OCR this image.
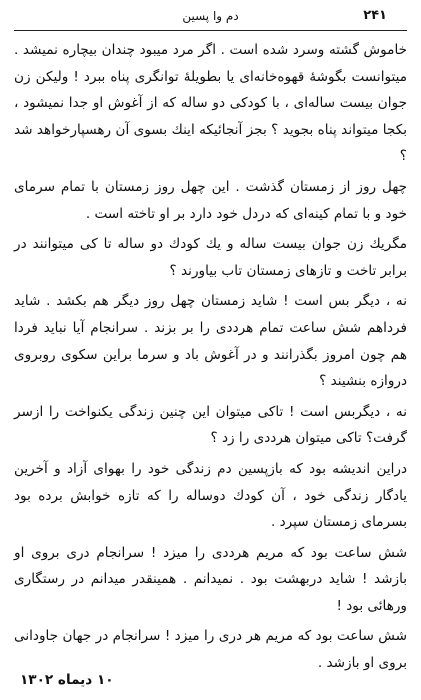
۲۴۱
دم وا پسین

خاموش گشته وسرد شده است . اگر مرد میبود چندان بیچاره نمیشد . میتوانست بگوشهٔ قهوه‌خانه‌ای یا بطویلهٔ توانگری پناه ببرد ! ولیکن زن جوان بیست ساله‌ای ، با کودکی دو ساله که از آغوش او جدا نمیشود ، بکجا میتواند پناه بجوید ؟ بجز آنجائیکه اینك بسوی آن رهسپارخواهد شد ؟

چهل روز از زمستان گذشت . این چهل روز زمستان با تمام سرمای خود و با تمام کینه‌ای که دردل خود دارد بر او تاخته است .

مگریك زن جوان بیست ساله و یك کودك دو ساله تا کی میتوانند در برابر تاخت و تازهای زمستان تاب بیاورند ؟

نه ، دیگر بس است ! شاید زمستان چهل روز دیگر هم بکشد . شاید فرداهم شش ساعت تمام هرددی را بر بزند . سرانجام آیا نباید فردا هم چون امروز بگذرانند و در آغوش باد و سرما براین سکوی روبروی دروازه بنشیند ؟

نه ، دیگربس است ! تاکی میتوان این چنین زندگی یکنواخت را ازسر گرفت؟ تاکی میتوان هرددی را زد ؟

دراین اندیشه بود که بازپسین دم زندگی خود را بهوای آزاد و آخرین یادگار زندگی خود ، آن کودك دوساله را که تازه خوابش برده بود بسرمای زمستان سپرد .

شش ساعت بود که مریم هرددی را میزد ! سرانجام دری بروی او بازشد ! شاید دربهشت بود . نمیدانم . همینقدر میدانم در رستگاری ورهائی بود !

شش ساعت بود که مریم هر دری را میزد ! سرانجام در جهان جاودانی بروی او بازشد .

۱۰ دیماه ۱۳۰۲
